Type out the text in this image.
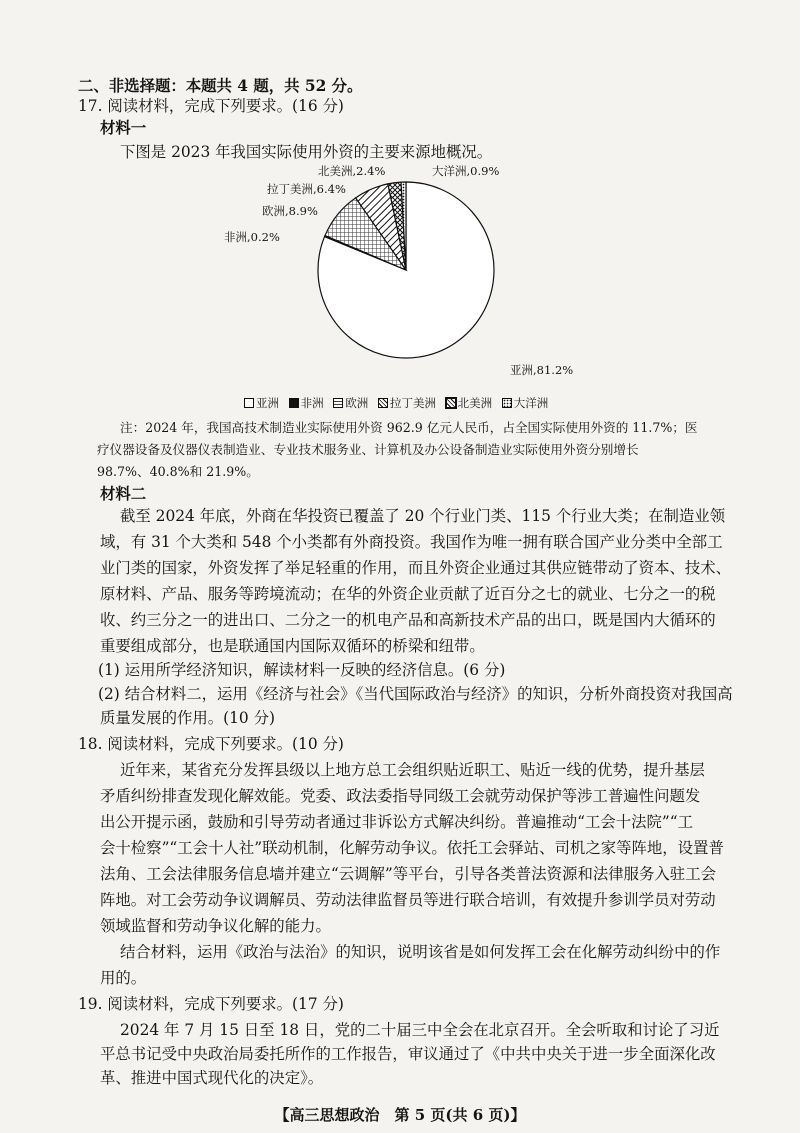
二、非选择题：本题共 4 题，共 52 分。
17. 阅读材料，完成下列要求。(16 分)
材料一
下图是 2023 年我国实际使用外资的主要来源地概况。
北美洲,2.4%	大洋洲,0.9%
拉丁美洲,6.4%
欧洲,8.9%
非洲,0.2%
亚洲,81.2%
亚洲 非洲 欧洲 拉丁美洲 北美洲 大洋洲
注：2024 年，我国高技术制造业实际使用外资 962.9 亿元人民币，占全国实际使用外资的 11.7%；医
疗仪器设备及仪器仪表制造业、专业技术服务业、计算机及办公设备制造业实际使用外资分别增长
98.7%、40.8%和 21.9%。
材料二
截至 2024 年底，外商在华投资已覆盖了 20 个行业门类、115 个行业大类；在制造业领
域，有 31 个大类和 548 个小类都有外商投资。我国作为唯一拥有联合国产业分类中全部工
业门类的国家，外资发挥了举足轻重的作用，而且外资企业通过其供应链带动了资本、技术、
原材料、产品、服务等跨境流动；在华的外资企业贡献了近百分之七的就业、七分之一的税
收、约三分之一的进出口、二分之一的机电产品和高新技术产品的出口，既是国内大循环的
重要组成部分，也是联通国内国际双循环的桥梁和纽带。
(1) 运用所学经济知识，解读材料一反映的经济信息。(6 分)
(2) 结合材料二，运用《经济与社会》《当代国际政治与经济》的知识，分析外商投资对我国高
质量发展的作用。(10 分)
18. 阅读材料，完成下列要求。(10 分)
近年来，某省充分发挥县级以上地方总工会组织贴近职工、贴近一线的优势，提升基层
矛盾纠纷排查发现化解效能。党委、政法委指导同级工会就劳动保护等涉工普遍性问题发
出公开提示函，鼓励和引导劳动者通过非诉讼方式解决纠纷。普遍推动“工会十法院”“工
会十检察”“工会十人社”联动机制，化解劳动争议。依托工会驿站、司机之家等阵地，设置普
法角、工会法律服务信息墙并建立“云调解”等平台，引导各类普法资源和法律服务入驻工会
阵地。对工会劳动争议调解员、劳动法律监督员等进行联合培训，有效提升参训学员对劳动
领域监督和劳动争议化解的能力。
结合材料，运用《政治与法治》的知识，说明该省是如何发挥工会在化解劳动纠纷中的作
用的。
19. 阅读材料，完成下列要求。(17 分)
2024 年 7 月 15 日至 18 日，党的二十届三中全会在北京召开。全会听取和讨论了习近
平总书记受中央政治局委托所作的工作报告，审议通过了《中共中央关于进一步全面深化改
革、推进中国式现代化的决定》。
【高三思想政治　第 5 页(共 6 页)】
